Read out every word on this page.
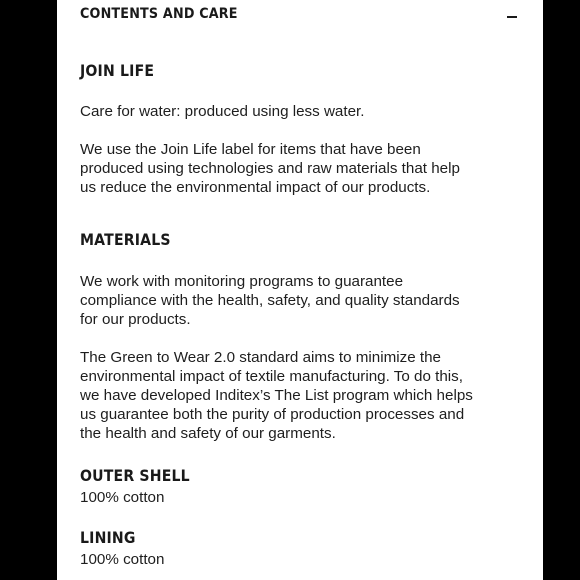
CONTENTS AND CARE
JOIN LIFE
Care for water: produced using less water.
We use the Join Life label for items that have been
produced using technologies and raw materials that help
us reduce the environmental impact of our products.
MATERIALS
We work with monitoring programs to guarantee
compliance with the health, safety, and quality standards
for our products.
The Green to Wear 2.0 standard aims to minimize the
environmental impact of textile manufacturing. To do this,
we have developed Inditex’s The List program which helps
us guarantee both the purity of production processes and
the health and safety of our garments.
OUTER SHELL
100% cotton
LINING
100% cotton
